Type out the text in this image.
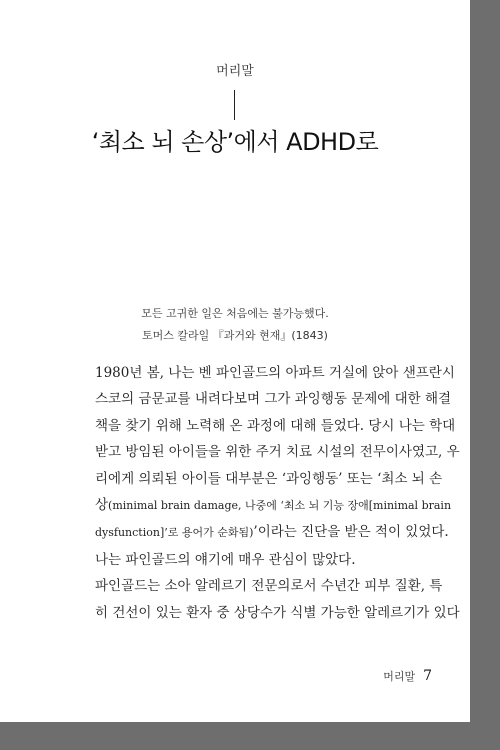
머리말
‘최소 뇌 손상’에서 ADHD로
모든 고귀한 일은 처음에는 불가능했다.
토머스 칼라일 『과거와 현재』(1843)
1980년 봄, 나는 벤 파인골드의 아파트 거실에 앉아 샌프란시
스코의 금문교를 내려다보며 그가 과잉행동 문제에 대한 해결
책을 찾기 위해 노력해 온 과정에 대해 들었다. 당시 나는 학대
받고 방임된 아이들을 위한 주거 치료 시설의 전무이사였고, 우
리에게 의뢰된 아이들 대부분은 ‘과잉행동’ 또는 ‘최소 뇌 손
상(minimal brain damage, 나중에 ‘최소 뇌 기능 장애[minimal brain
dysfunction]’로 용어가 순화됨)’이라는 진단을 받은 적이 있었다.
나는 파인골드의 얘기에 매우 관심이 많았다.
파인골드는 소아 알레르기 전문의로서 수년간 피부 질환, 특
히 건선이 있는 환자 중 상당수가 식별 가능한 알레르기가 있다
머리말 7
